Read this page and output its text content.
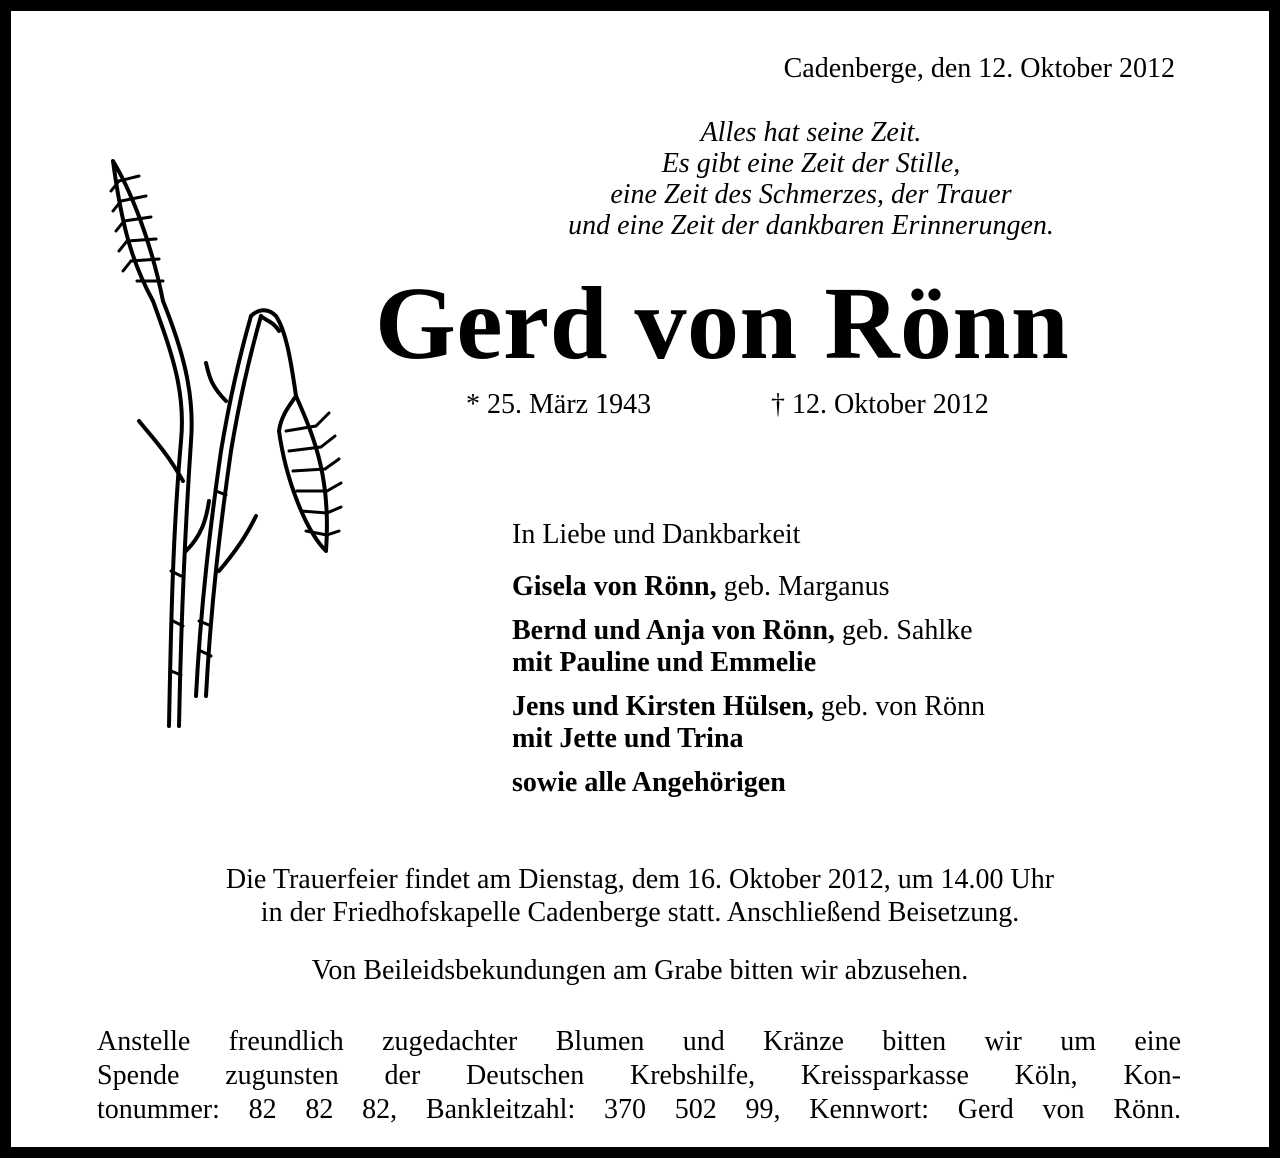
Cadenberge, den 12. Oktober 2012
Alles hat seine Zeit.
Es gibt eine Zeit der Stille,
eine Zeit des Schmerzes, der Trauer
und eine Zeit der dankbaren Erinnerungen.
Gerd von Rönn
* 25. März 1943	† 12. Oktober 2012
In Liebe und Dankbarkeit
Gisela von Rönn, geb. Marganus
Bernd und Anja von Rönn, geb. Sahlke
mit Pauline und Emmelie
Jens und Kirsten Hülsen, geb. von Rönn
mit Jette und Trina
sowie alle Angehörigen
Die Trauerfeier findet am Dienstag, dem 16. Oktober 2012, um 14.00 Uhr
in der Friedhofskapelle Cadenberge statt. Anschließend Beisetzung.
Von Beileidsbekundungen am Grabe bitten wir abzusehen.
Anstelle freundlich zugedachter Blumen und Kränze bitten wir um eine
Spende zugunsten der Deutschen Krebshilfe, Kreissparkasse Köln, Kon-
tonummer: 82 82 82, Bankleitzahl: 370 502 99, Kennwort: Gerd von Rönn.
